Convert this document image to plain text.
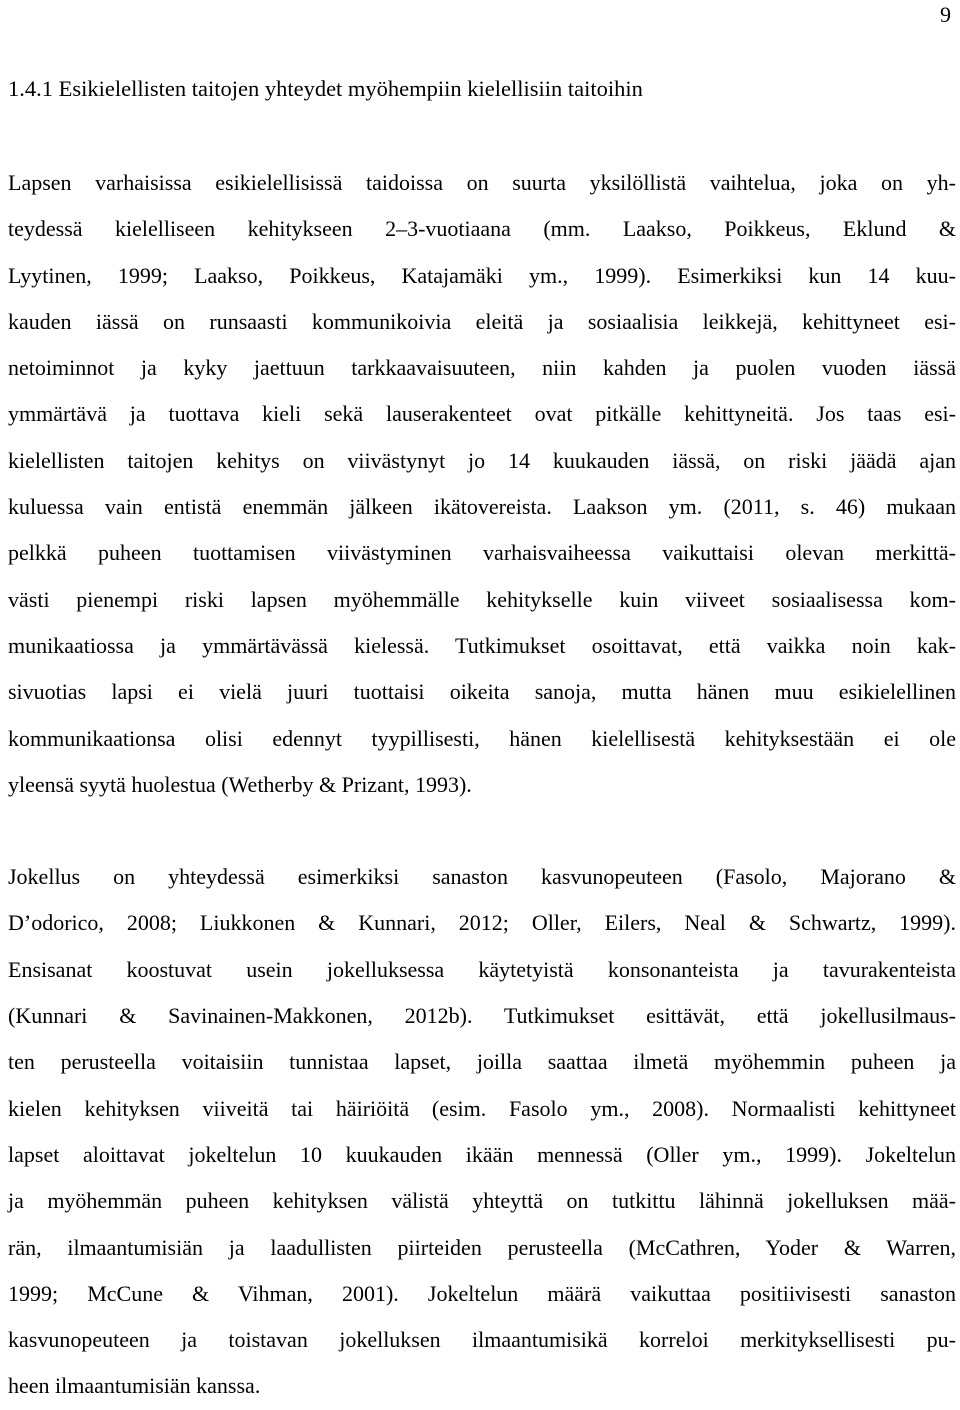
9
1.4.1 Esikielellisten taitojen yhteydet myöhempiin kielellisiin taitoihin

Lapsen varhaisissa esikielellisissä taidoissa on suurta yksilöllistä vaihtelua, joka on yh-
teydessä kielelliseen kehitykseen 2–3-vuotiaana (mm. Laakso, Poikkeus, Eklund &
Lyytinen, 1999; Laakso, Poikkeus, Katajamäki ym., 1999). Esimerkiksi kun 14 kuu-
kauden iässä on runsaasti kommunikoivia eleitä ja sosiaalisia leikkejä, kehittyneet esi-
netoiminnot ja kyky jaettuun tarkkaavaisuuteen, niin kahden ja puolen vuoden iässä
ymmärtävä ja tuottava kieli sekä lauserakenteet ovat pitkälle kehittyneitä. Jos taas esi-
kielellisten taitojen kehitys on viivästynyt jo 14 kuukauden iässä, on riski jäädä ajan
kuluessa vain entistä enemmän jälkeen ikätovereista. Laakson ym. (2011, s. 46) mukaan
pelkkä puheen tuottamisen viivästyminen varhaisvaiheessa vaikuttaisi olevan merkittä-
västi pienempi riski lapsen myöhemmälle kehitykselle kuin viiveet sosiaalisessa kom-
munikaatiossa ja ymmärtävässä kielessä. Tutkimukset osoittavat, että vaikka noin kak-
sivuotias lapsi ei vielä juuri tuottaisi oikeita sanoja, mutta hänen muu esikielellinen
kommunikaationsa olisi edennyt tyypillisesti, hänen kielellisestä kehityksestään ei ole
yleensä syytä huolestua (Wetherby & Prizant, 1993).

Jokellus on yhteydessä esimerkiksi sanaston kasvunopeuteen (Fasolo, Majorano &
D’odorico, 2008; Liukkonen & Kunnari, 2012; Oller, Eilers, Neal & Schwartz, 1999).
Ensisanat koostuvat usein jokelluksessa käytetyistä konsonanteista ja tavurakenteista
(Kunnari & Savinainen-Makkonen, 2012b). Tutkimukset esittävät, että jokellusilmaus-
ten perusteella voitaisiin tunnistaa lapset, joilla saattaa ilmetä myöhemmin puheen ja
kielen kehityksen viiveitä tai häiriöitä (esim. Fasolo ym., 2008). Normaalisti kehittyneet
lapset aloittavat jokeltelun 10 kuukauden ikään mennessä (Oller ym., 1999). Jokeltelun
ja myöhemmän puheen kehityksen välistä yhteyttä on tutkittu lähinnä jokelluksen mää-
rän, ilmaantumisiän ja laadullisten piirteiden perusteella (McCathren, Yoder & Warren,
1999; McCune & Vihman, 2001). Jokeltelun määrä vaikuttaa positiivisesti sanaston
kasvunopeuteen ja toistavan jokelluksen ilmaantumisikä korreloi merkityksellisesti pu-
heen ilmaantumisiän kanssa.
